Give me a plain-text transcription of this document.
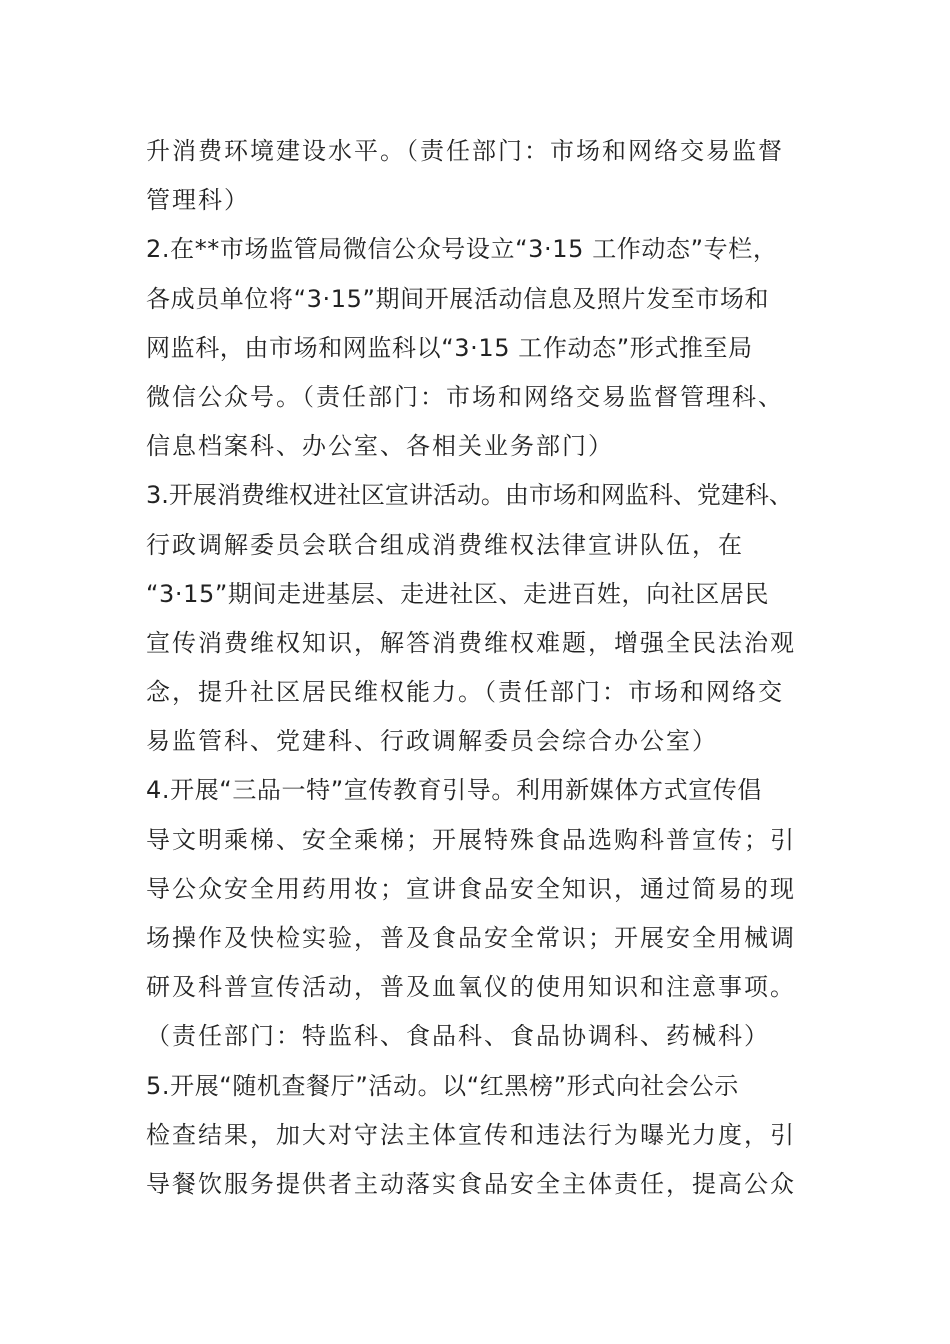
升消费环境建设水平。（责任部门：市场和网络交易监督
管理科）
2.在**市场监管局微信公众号设立“3·15 工作动态”专栏，
各成员单位将“3·15”期间开展活动信息及照片发至市场和
网监科，由市场和网监科以“3·15 工作动态”形式推至局
微信公众号。（责任部门：市场和网络交易监督管理科、
信息档案科、办公室、各相关业务部门）
3.开展消费维权进社区宣讲活动。由市场和网监科、党建科、
行政调解委员会联合组成消费维权法律宣讲队伍，在
“3·15”期间走进基层、走进社区、走进百姓，向社区居民
宣传消费维权知识，解答消费维权难题，增强全民法治观
念，提升社区居民维权能力。（责任部门：市场和网络交
易监管科、党建科、行政调解委员会综合办公室）
4.开展“三品一特”宣传教育引导。利用新媒体方式宣传倡
导文明乘梯、安全乘梯；开展特殊食品选购科普宣传；引
导公众安全用药用妆；宣讲食品安全知识，通过简易的现
场操作及快检实验，普及食品安全常识；开展安全用械调
研及科普宣传活动，普及血氧仪的使用知识和注意事项。
（责任部门：特监科、食品科、食品协调科、药械科）
5.开展“随机查餐厅”活动。以“红黑榜”形式向社会公示
检查结果，加大对守法主体宣传和违法行为曝光力度，引
导餐饮服务提供者主动落实食品安全主体责任，提高公众
